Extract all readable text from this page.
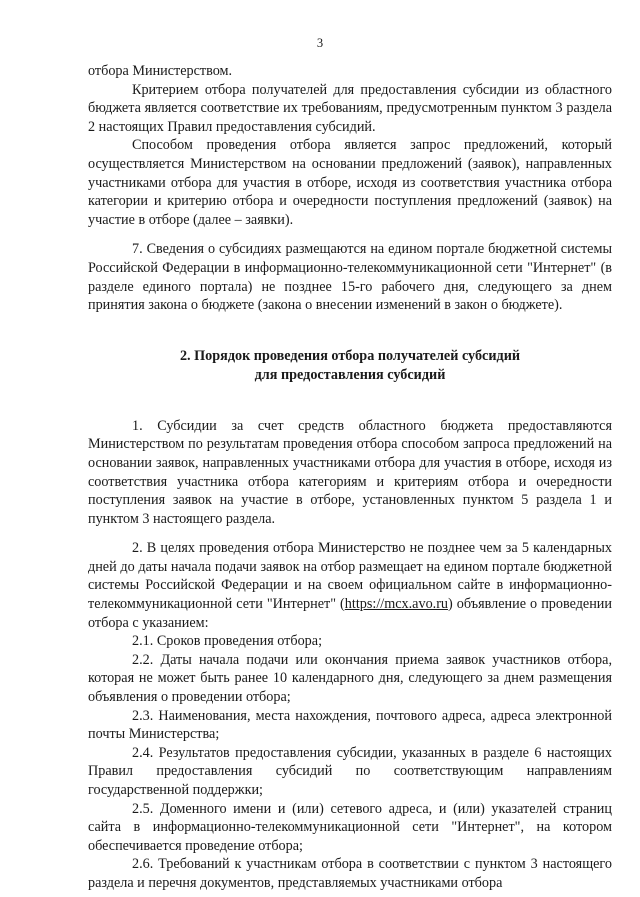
3

отбора Министерством.

Критерием отбора получателей для предоставления субсидии из областного бюджета является соответствие их требованиям, предусмотренным пунктом 3 раздела 2 настоящих Правил предоставления субсидий.

Способом проведения отбора является запрос предложений, который осуществляется Министерством на основании предложений (заявок), направленных участниками отбора для участия в отборе, исходя из соответствия участника отбора категории и критерию отбора и очередности поступления предложений (заявок) на участие в отборе (далее – заявки).

7. Сведения о субсидиях размещаются на едином портале бюджетной системы Российской Федерации в информационно-телекоммуникационной сети "Интернет" (в разделе единого портала) не позднее 15-го рабочего дня, следующего за днем принятия закона о бюджете (закона о внесении изменений в закон о бюджете).

2. Порядок проведения отбора получателей субсидий
для предоставления субсидий

1. Субсидии за счет средств областного бюджета предоставляются Министерством по результатам проведения отбора способом запроса предложений на основании заявок, направленных участниками отбора для участия в отборе, исходя из соответствия участника отбора категориям и критериям отбора и очередности поступления заявок на участие в отборе, установленных пунктом 5 раздела 1 и пунктом 3 настоящего раздела.

2. В целях проведения отбора Министерство не позднее чем за 5 календарных дней до даты начала подачи заявок на отбор размещает на едином портале бюджетной системы Российской Федерации и на своем официальном сайте в информационно-телекоммуникационной сети "Интернет" (https://mcx.avo.ru) объявление о проведении отбора с указанием:

2.1. Сроков проведения отбора;

2.2. Даты начала подачи или окончания приема заявок участников отбора, которая не может быть ранее 10 календарного дня, следующего за днем размещения объявления о проведении отбора;

2.3. Наименования, места нахождения, почтового адреса, адреса электронной почты Министерства;

2.4. Результатов предоставления субсидии, указанных в разделе 6 настоящих Правил предоставления субсидий по соответствующим направлениям государственной поддержки;

2.5. Доменного имени и (или) сетевого адреса, и (или) указателей страниц сайта в информационно-телекоммуникационной сети "Интернет", на котором обеспечивается проведение отбора;

2.6. Требований к участникам отбора в соответствии с пунктом 3 настоящего раздела и перечня документов, представляемых участниками отбора
